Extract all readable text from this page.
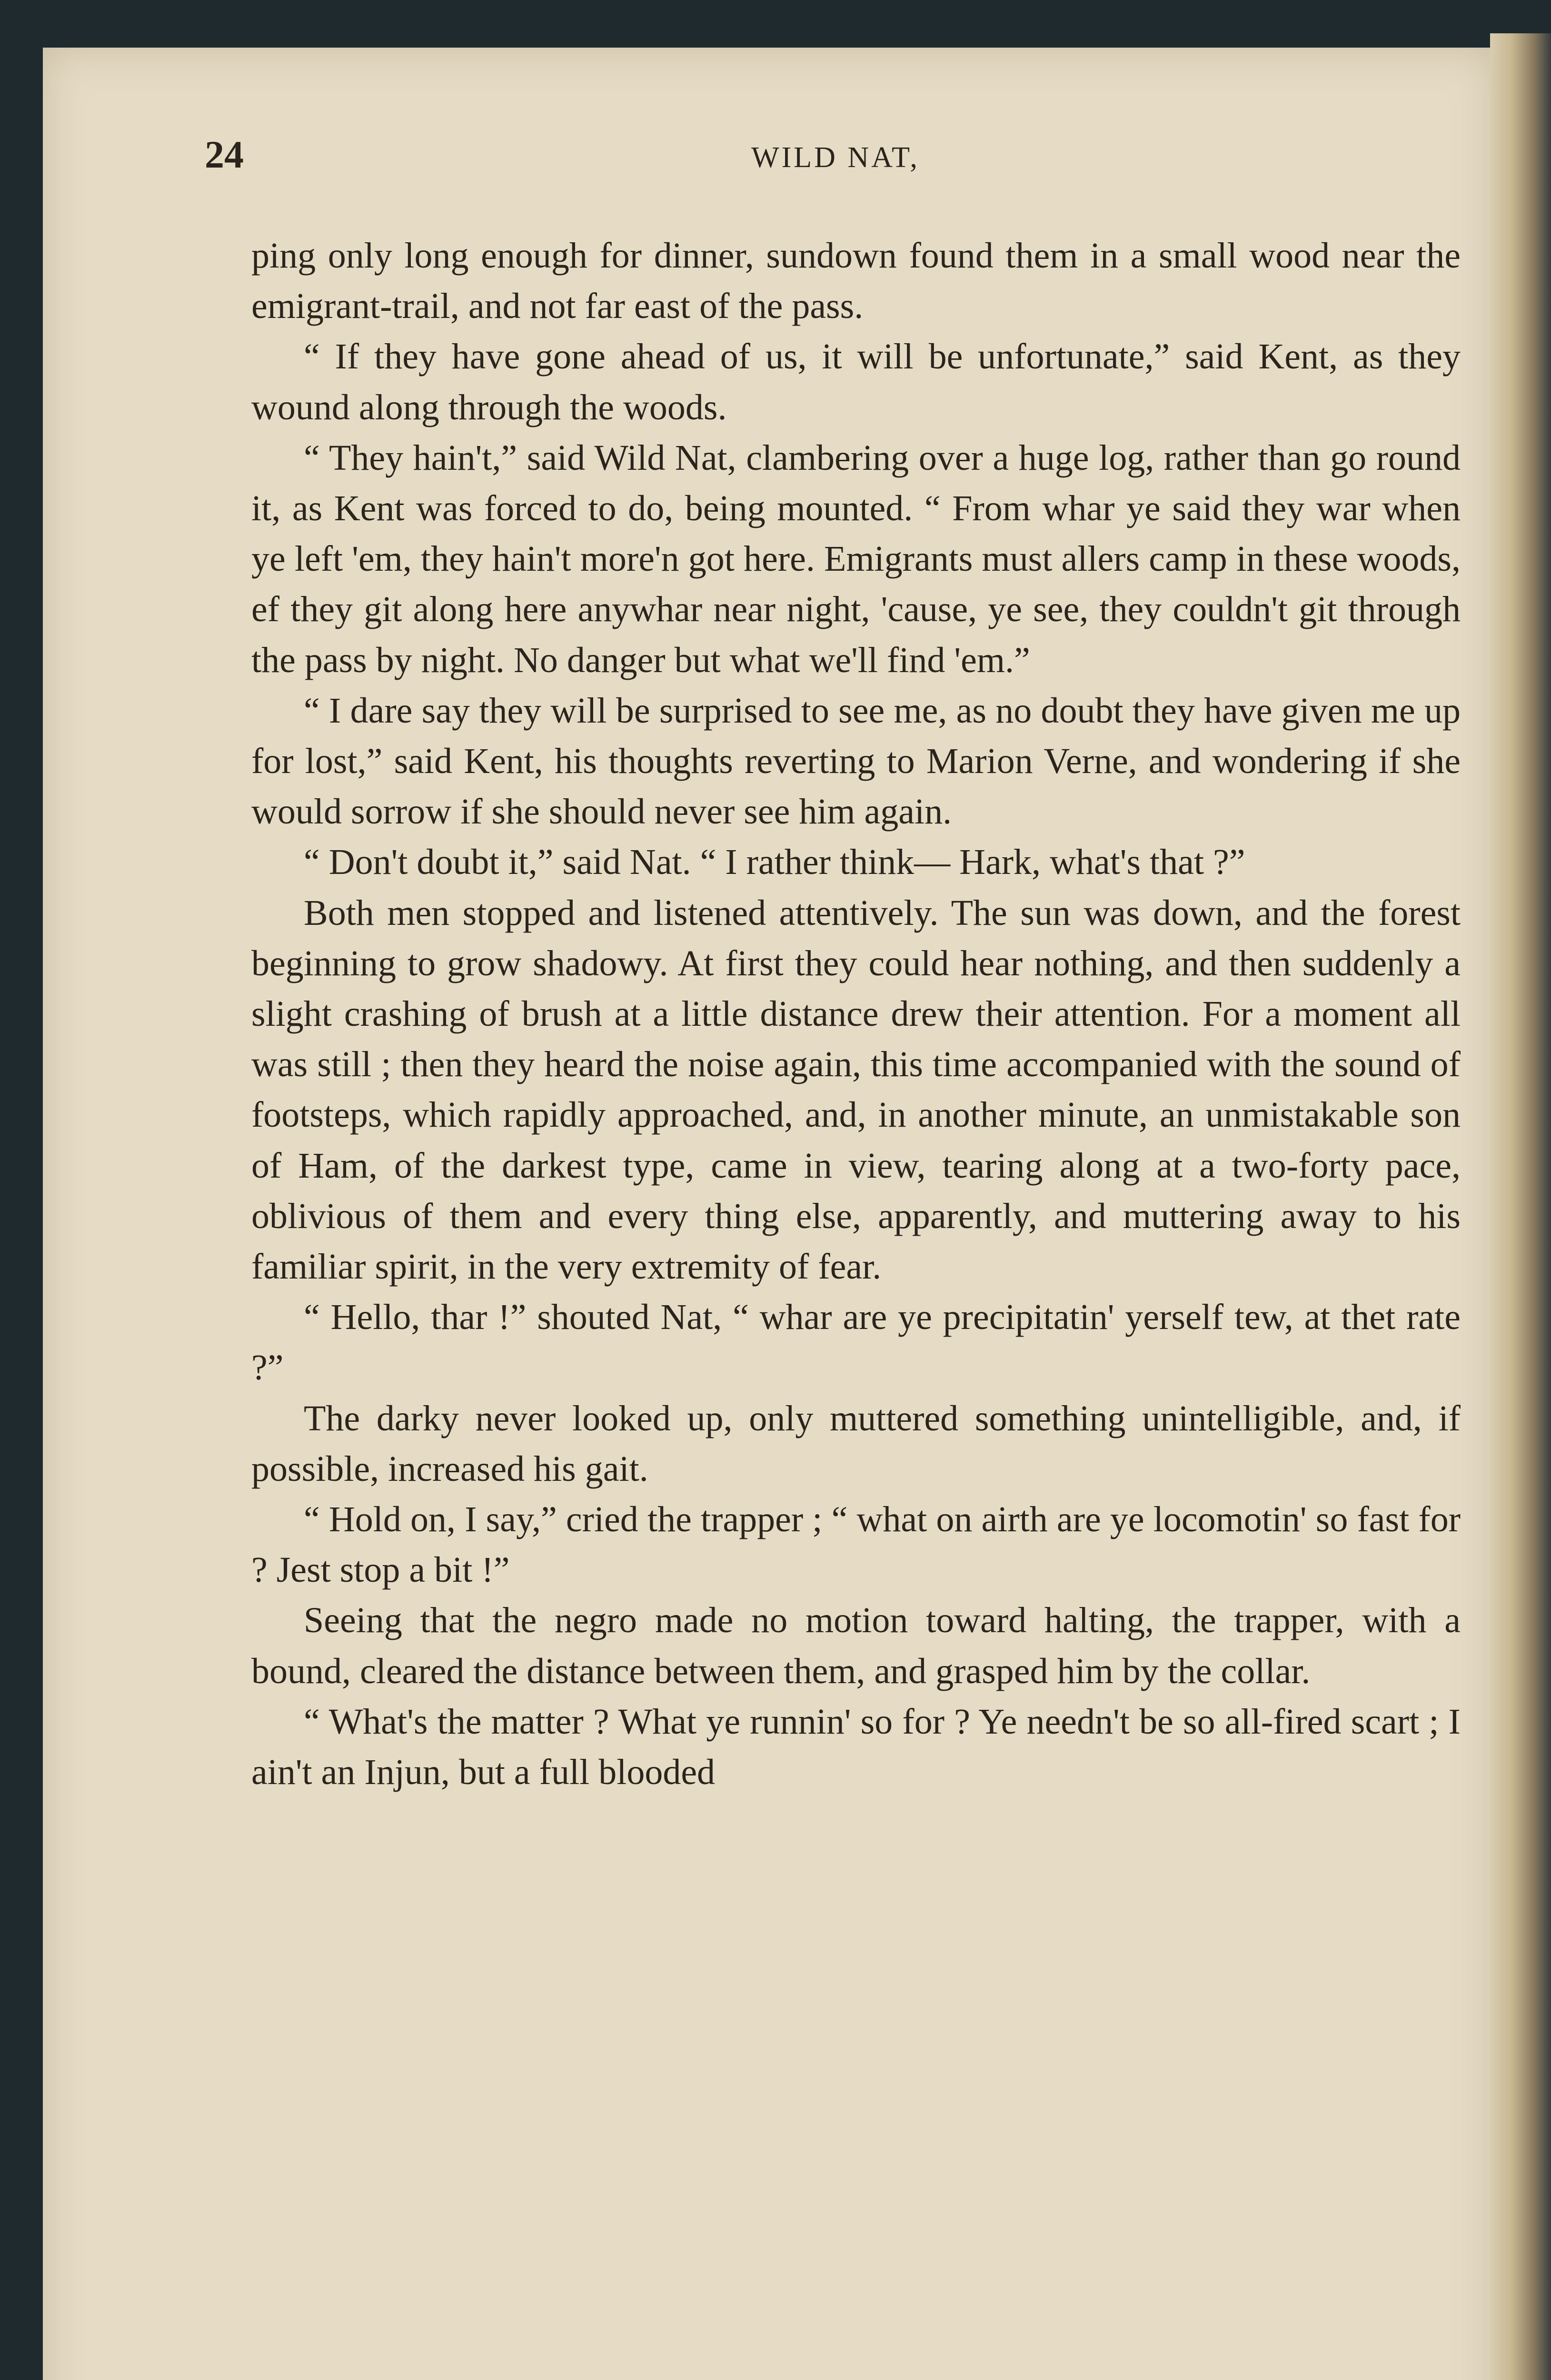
24	WILD NAT,

ping only long enough for dinner, sundown found them in a small wood near the emigrant-trail, and not far east of the pass.

“ If they have gone ahead of us, it will be unfortunate,” said Kent, as they wound along through the woods.

“ They hain't,” said Wild Nat, clambering over a huge log, rather than go round it, as Kent was forced to do, being mounted. “ From whar ye said they war when ye left 'em, they hain't more'n got here. Emigrants must allers camp in these woods, ef they git along here anywhar near night, 'cause, ye see, they couldn't git through the pass by night. No danger but what we'll find 'em.”

“ I dare say they will be surprised to see me, as no doubt they have given me up for lost,” said Kent, his thoughts reverting to Marion Verne, and wondering if she would sorrow if she should never see him again.

“ Don't doubt it,” said Nat. “ I rather think— Hark, what's that ?”

Both men stopped and listened attentively. The sun was down, and the forest beginning to grow shadowy. At first they could hear nothing, and then suddenly a slight crashing of brush at a little distance drew their attention. For a moment all was still ; then they heard the noise again, this time accompanied with the sound of footsteps, which rapidly approached, and, in another minute, an unmistakable son of Ham, of the darkest type, came in view, tearing along at a two-forty pace, oblivious of them and every thing else, apparently, and muttering away to his familiar spirit, in the very extremity of fear.

“ Hello, thar !” shouted Nat, “ whar are ye precipitatin' yerself tew, at thet rate ?”

The darky never looked up, only muttered something unintelligible, and, if possible, increased his gait.

“ Hold on, I say,” cried the trapper ; “ what on airth are ye locomotin' so fast for ? Jest stop a bit !”

Seeing that the negro made no motion toward halting, the trapper, with a bound, cleared the distance between them, and grasped him by the collar.

“ What's the matter ? What ye runnin' so for ? Ye needn't be so all-fired scart ; I ain't an Injun, but a full blooded
